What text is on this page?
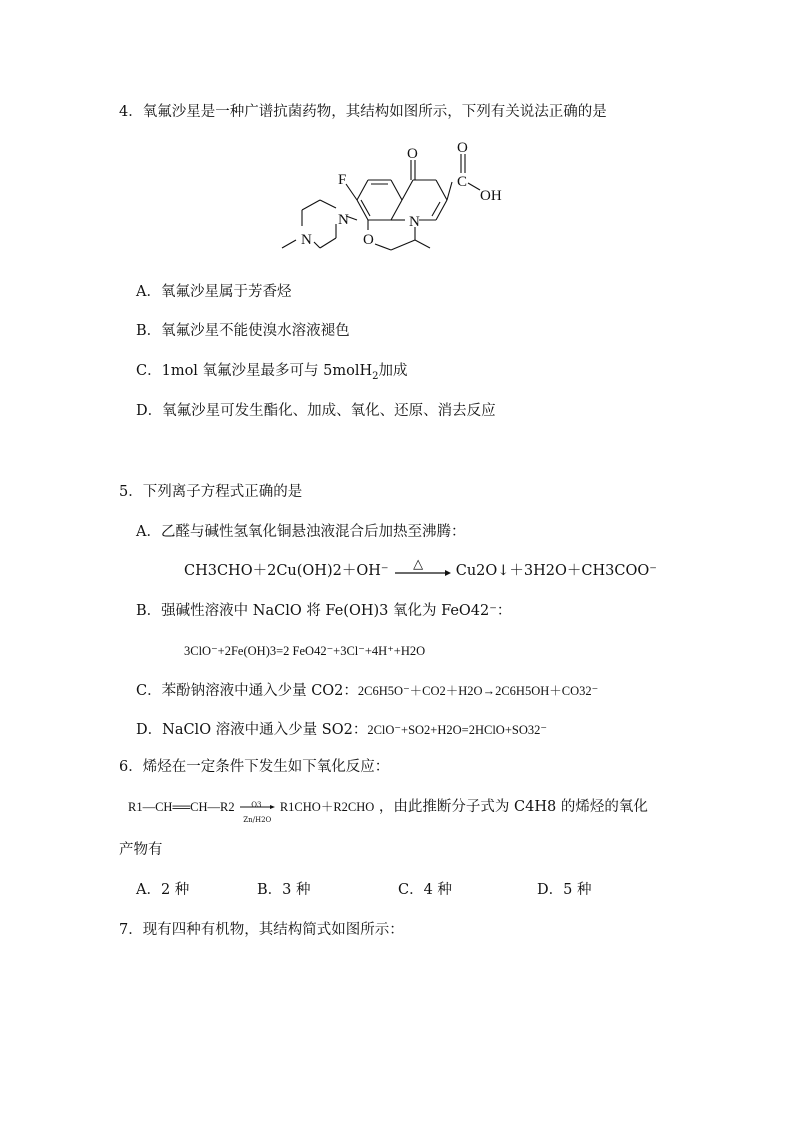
4．氧氟沙星是一种广谱抗菌药物，其结构如图所示，下列有关说法正确的是
F
O	O
C
OH
N
N
N
O
A．氧氟沙星属于芳香烃
B．氧氟沙星不能使溴水溶液褪色
C．1mol 氧氟沙星最多可与 5molH$_2$加成
D．氧氟沙星可发生酯化、加成、氧化、还原、消去反应
5．下列离子方程式正确的是
A．乙醛与碱性氢氧化铜悬浊液混合后加热至沸腾：
CH3CHO＋2Cu(OH)2＋OH⁻ △ Cu2O↓＋3H2O＋CH3COO⁻
B．强碱性溶液中 NaClO 将 Fe(OH)3 氧化为 FeO42⁻：
3ClO⁻+2Fe(OH)3=2 FeO42⁻+3Cl⁻+4H⁺+H2O
C．苯酚钠溶液中通入少量 CO2：2C6H5O⁻＋CO2＋H2O→2C6H5OH＋CO32⁻
D．NaClO 溶液中通入少量 SO2：2ClO⁻+SO2+H2O=2HClO+SO32⁻
6．烯烃在一定条件下发生如下氧化反应：
R1—CH══CH—R2 O3
Zn/H2O
R1CHO＋R2CHO ，由此推断分子式为 C4H8 的烯烃的氧化
产物有
A．2 种	B．3 种	C．4 种	D．5 种
7．现有四种有机物，其结构简式如图所示：
